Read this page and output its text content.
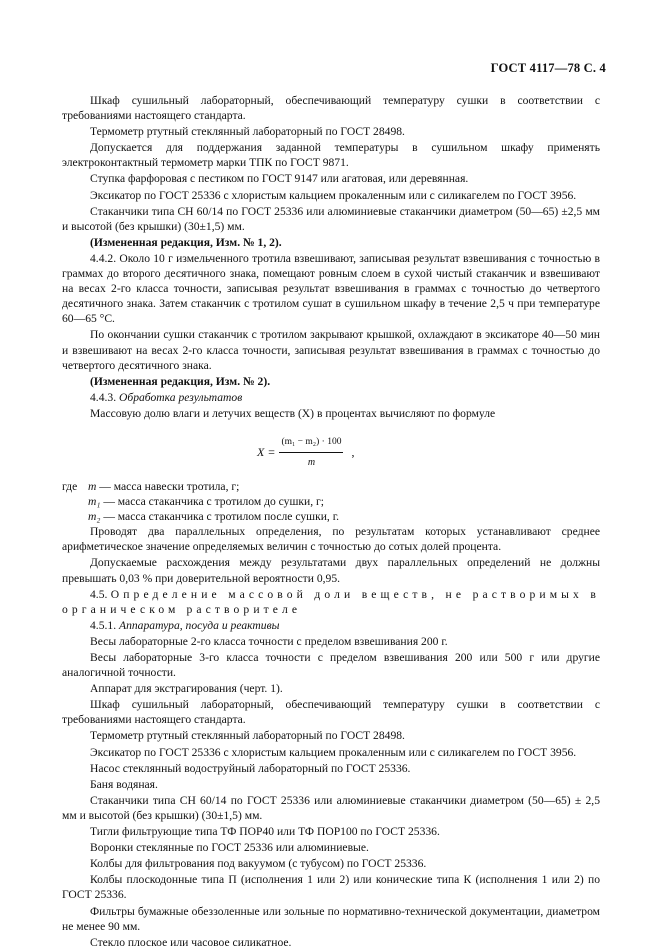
ГОСТ 4117—78 С. 4

Шкаф сушильный лабораторный, обеспечивающий температуру сушки в соответствии с требованиями настоящего стандарта.

Термометр ртутный стеклянный лабораторный по ГОСТ 28498.

Допускается для поддержания заданной температуры в сушильном шкафу применять электроконтактный термометр марки ТПК по ГОСТ 9871.

Ступка фарфоровая с пестиком по ГОСТ 9147 или агатовая, или деревянная.

Эксикатор по ГОСТ 25336 с хлористым кальцием прокаленным или с силикагелем по ГОСТ 3956.

Стаканчики типа СН 60/14 по ГОСТ 25336 или алюминиевые стаканчики диаметром (50—65) ±2,5 мм и высотой (без крышки) (30±1,5) мм.

(Измененная редакция, Изм. № 1, 2).

4.4.2. Около 10 г измельченного тротила взвешивают, записывая результат взвешивания с точностью в граммах до второго десятичного знака, помещают ровным слоем в сухой чистый стаканчик и взвешивают на весах 2-го класса точности, записывая результат взвешивания в граммах с точностью до четвертого десятичного знака. Затем стаканчик с тротилом сушат в сушильном шкафу в течение 2,5 ч при температуре 60—65 °С.

По окончании сушки стаканчик с тротилом закрывают крышкой, охлаждают в эксикаторе 40—50 мин и взвешивают на весах 2-го класса точности, записывая результат взвешивания в граммах с точностью до четвертого десятичного знака.

(Измененная редакция, Изм. № 2).

4.4.3. Обработка результатов

Массовую долю влаги и летучих веществ (X) в процентах вычисляют по формуле

$X = \frac{\text{(m₁ − m₂) · 100}}{m}$ ,

где m — масса навески тротила, г;

m₁ — масса стаканчика с тротилом до сушки, г;

m₂ — масса стаканчика с тротилом после сушки, г.

Проводят два параллельных определения, по результатам которых устанавливают среднее арифметическое значение определяемых величин с точностью до сотых долей процента.

Допускаемые расхождения между результатами двух параллельных определений не должны превышать 0,03 % при доверительной вероятности 0,95.

4.5. Определение массовой доли веществ, не растворимых в органическом растворителе

4.5.1. Аппаратура, посуда и реактивы

Весы лабораторные 2-го класса точности с пределом взвешивания 200 г.

Весы лабораторные 3-го класса точности с пределом взвешивания 200 или 500 г или другие аналогичной точности.

Аппарат для экстрагирования (черт. 1).

Шкаф сушильный лабораторный, обеспечивающий температуру сушки в соответствии с требованиями настоящего стандарта.

Термометр ртутный стеклянный лабораторный по ГОСТ 28498.

Эксикатор по ГОСТ 25336 с хлористым кальцием прокаленным или с силикагелем по ГОСТ 3956.

Насос стеклянный водоструйный лабораторный по ГОСТ 25336.

Баня водяная.

Стаканчики типа СН 60/14 по ГОСТ 25336 или алюминиевые стаканчики диаметром (50—65) ± 2,5 мм и высотой (без крышки) (30±1,5) мм.

Тигли фильтрующие типа ТФ ПОР40 или ТФ ПОР100 по ГОСТ 25336.

Воронки стеклянные по ГОСТ 25336 или алюминиевые.

Колбы для фильтрования под вакуумом (с тубусом) по ГОСТ 25336.

Колбы плоскодонные типа П (исполнения 1 или 2) или конические типа К (исполнения 1 или 2) по ГОСТ 25336.

Фильтры бумажные обеззоленные или зольные по нормативно-технической документации, диаметром не менее 90 мм.

Стекло плоское или часовое силикатное.
